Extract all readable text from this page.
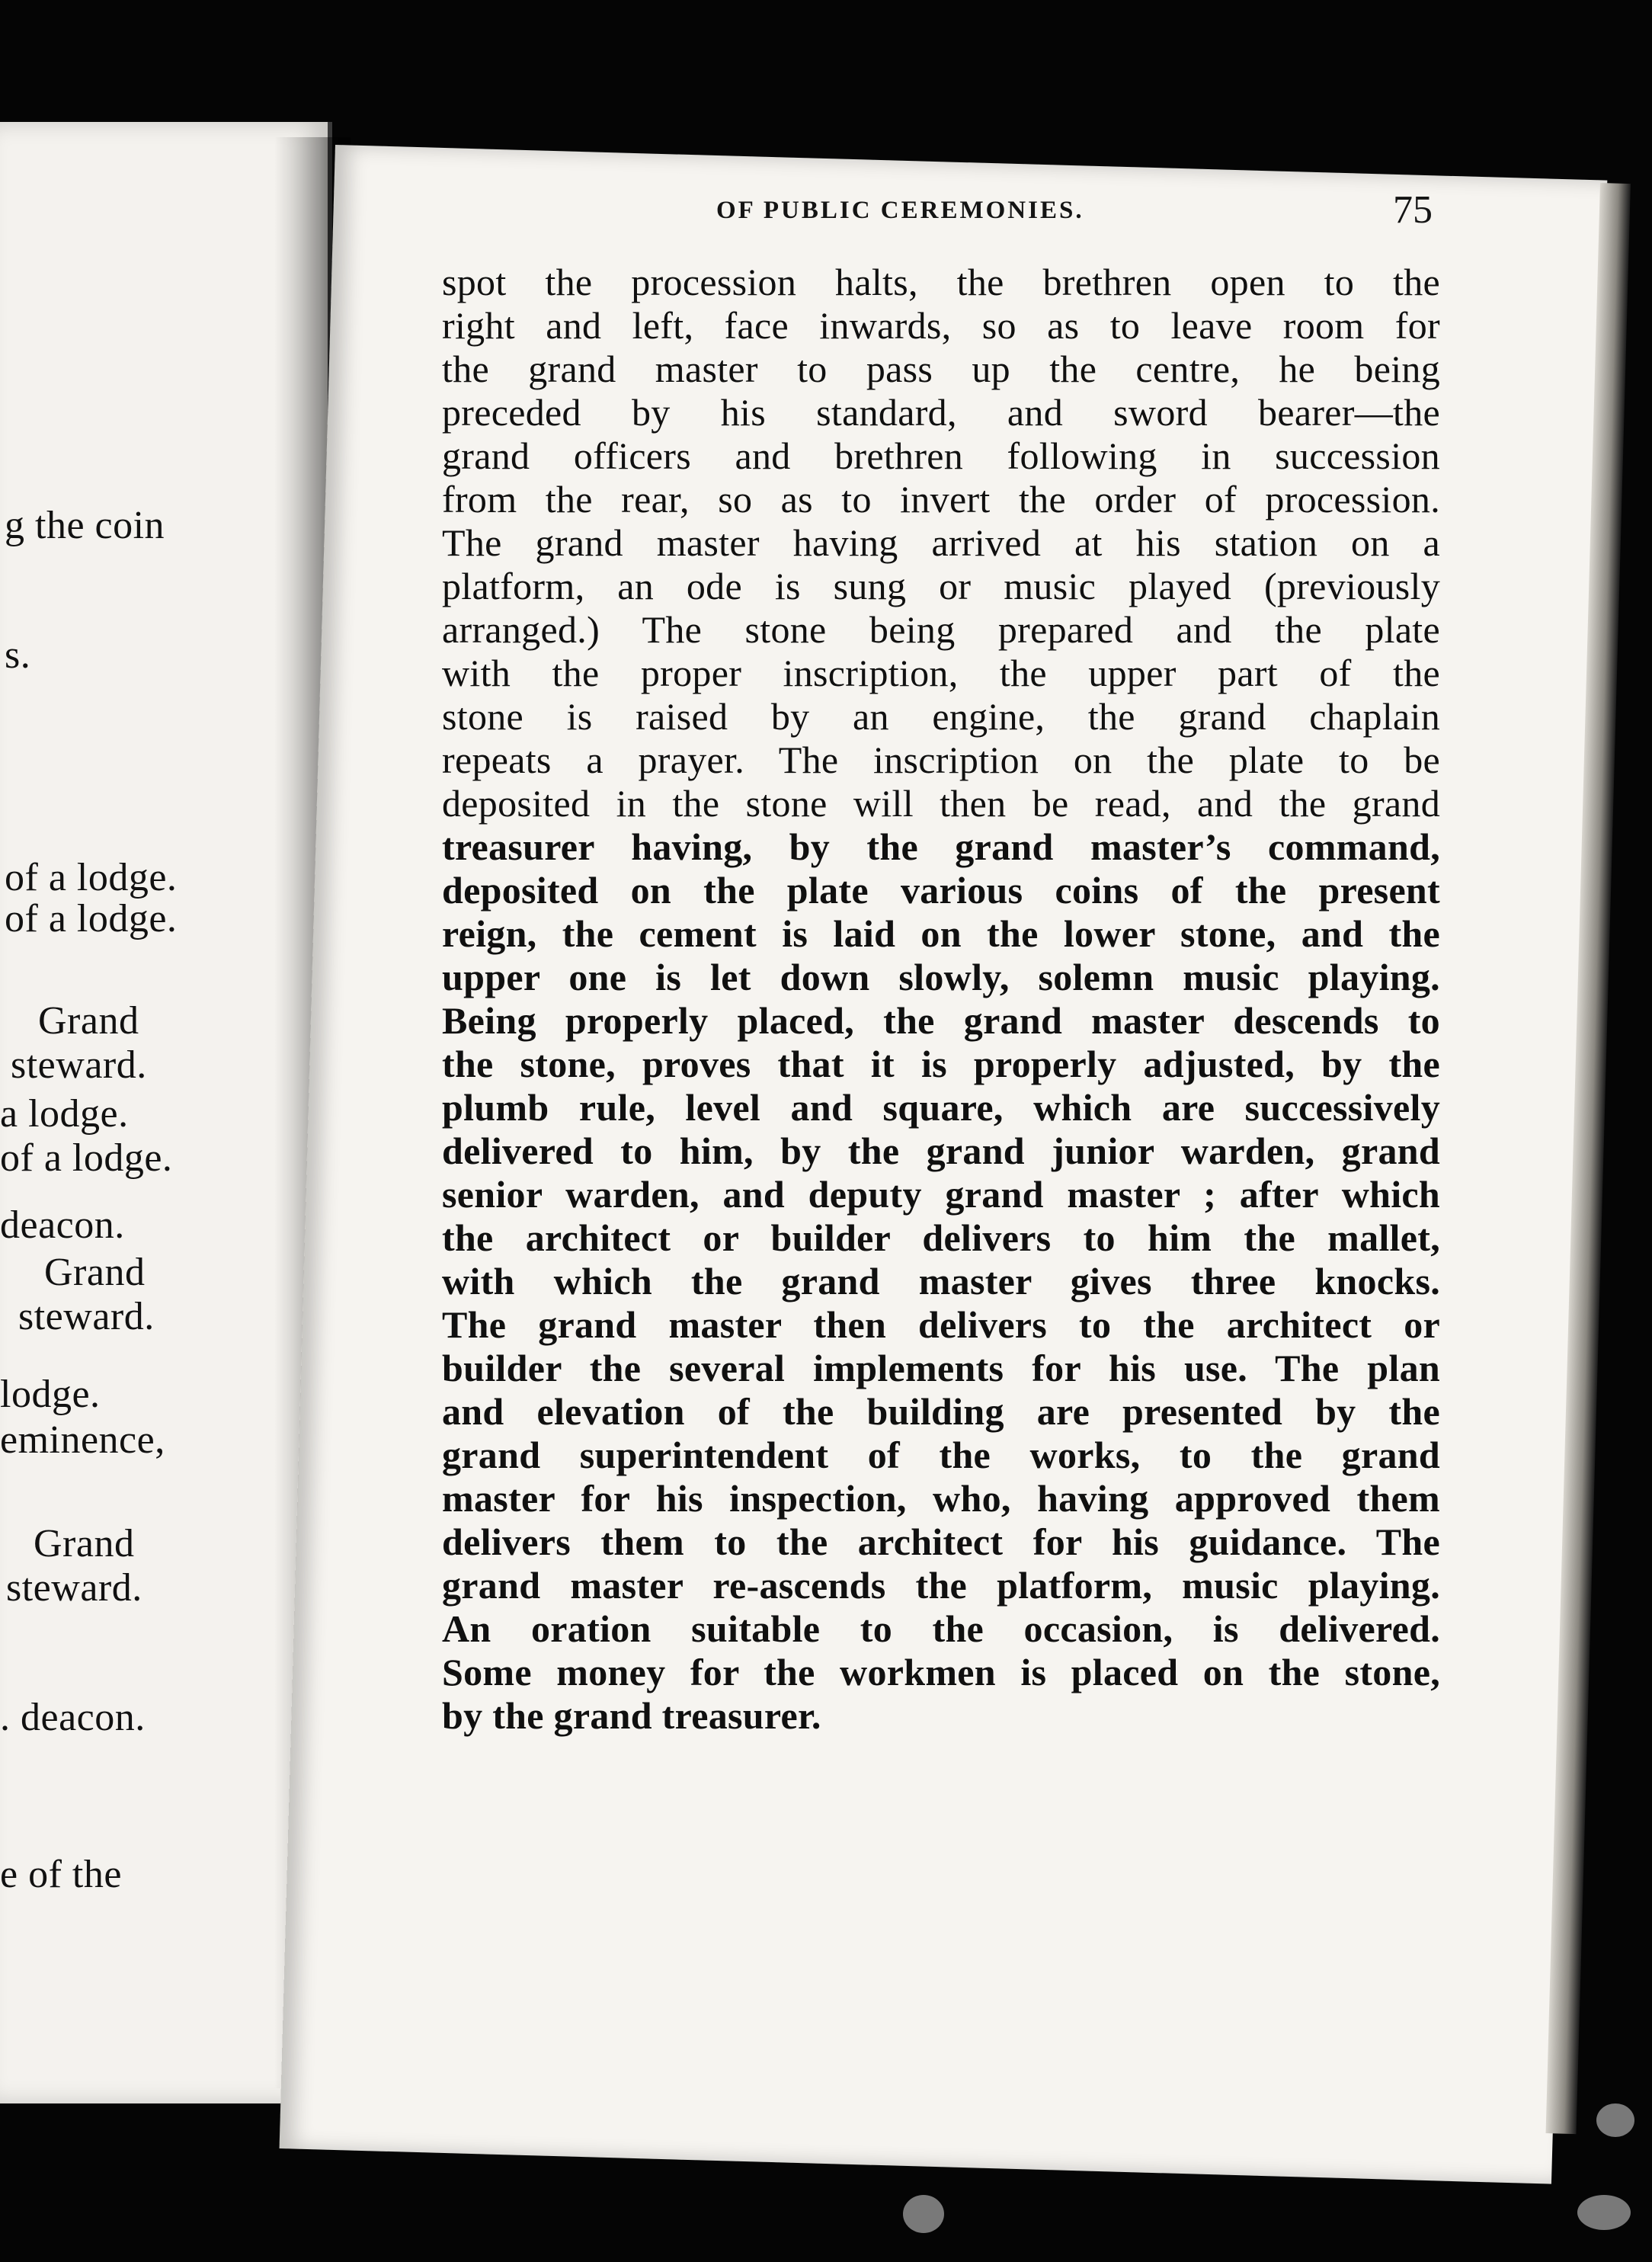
g the coin
s.
of a lodge.
of a lodge.
Grand
steward.
a lodge.
of a lodge.
deacon.
Grand
steward.
lodge.
eminence,
Grand
steward.
. deacon.
e of the
OF PUBLIC CEREMONIES.	75
spot the procession halts, the brethren open to the
right and left, face inwards, so as to leave room for
the grand master to pass up the centre, he being
preceded by his standard, and sword bearer—the
grand officers and brethren following in succession
from the rear, so as to invert the order of procession.
The grand master having arrived at his station on a
platform, an ode is sung or music played (previously
arranged.) The stone being prepared and the plate
with the proper inscription, the upper part of the
stone is raised by an engine, the grand chaplain
repeats a prayer. The inscription on the plate to be
deposited in the stone will then be read, and the grand
treasurer having, by the grand master’s command,
deposited on the plate various coins of the present
reign, the cement is laid on the lower stone, and the
upper one is let down slowly, solemn music playing.
Being properly placed, the grand master descends to
the stone, proves that it is properly adjusted, by the
plumb rule, level and square, which are successively
delivered to him, by the grand junior warden, grand
senior warden, and deputy grand master ; after which
the architect or builder delivers to him the mallet,
with which the grand master gives three knocks.
The grand master then delivers to the architect or
builder the several implements for his use. The plan
and elevation of the building are presented by the
grand superintendent of the works, to the grand
master for his inspection, who, having approved them
delivers them to the architect for his guidance. The
grand master re-ascends the platform, music playing.
An oration suitable to the occasion, is delivered.
Some money for the workmen is placed on the stone,
by the grand treasurer.
